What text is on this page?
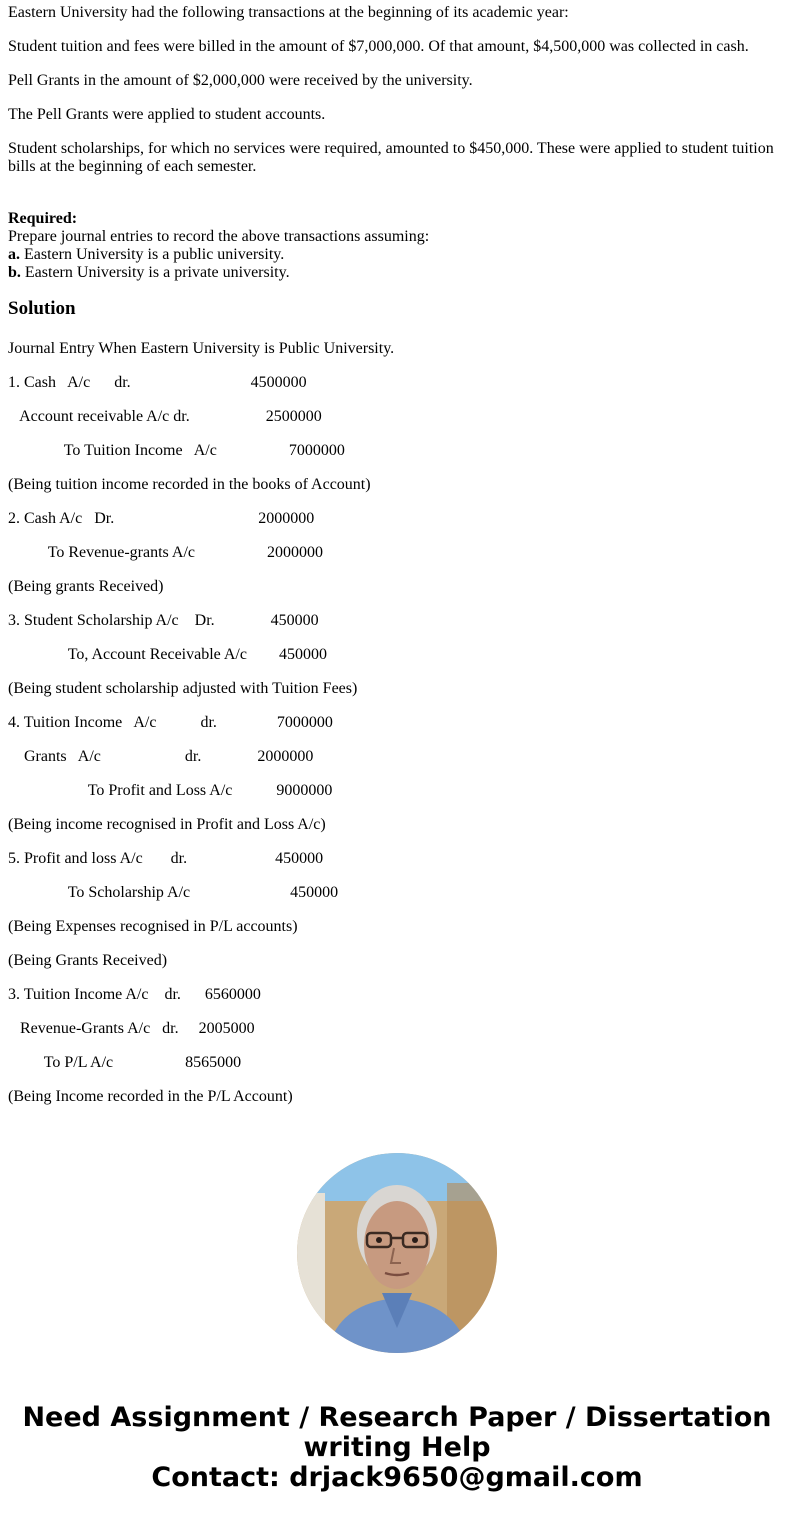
Eastern University had the following transactions at the beginning of its academic year:

Student tuition and fees were billed in the amount of $7,000,000. Of that amount, $4,500,000 was collected in cash.

Pell Grants in the amount of $2,000,000 were received by the university.

The Pell Grants were applied to student accounts.

Student scholarships, for which no services were required, amounted to $450,000. These were applied to student tuition bills at the beginning of each semester.

Required:
Prepare journal entries to record the above transactions assuming:
a. Eastern University is a public university.
b. Eastern University is a private university.
Solution

Journal Entry When Eastern University is Public University.

1. Cash   A/c      dr.                              4500000

Account receivable A/c dr.                   2500000

To Tuition Income   A/c                  7000000

(Being tuition income recorded in the books of Account)

2. Cash A/c   Dr.                                    2000000

To Revenue-grants A/c                  2000000

(Being grants Received)

3. Student Scholarship A/c    Dr.              450000

To, Account Receivable A/c        450000

(Being student scholarship adjusted with Tuition Fees)

4. Tuition Income   A/c           dr.               7000000

Grants   A/c                     dr.              2000000

To Profit and Loss A/c           9000000

(Being income recognised in Profit and Loss A/c)

5. Profit and loss A/c       dr.                      450000

To Scholarship A/c                         450000

(Being Expenses recognised in P/L accounts)

(Being Grants Received)

3. Tuition Income A/c    dr.      6560000

Revenue-Grants A/c   dr.     2005000

To P/L A/c                  8565000

(Being Income recorded in the P/L Account)

Need Assignment / Research Paper / Dissertation
writing Help
Contact: drjack9650@gmail.com
